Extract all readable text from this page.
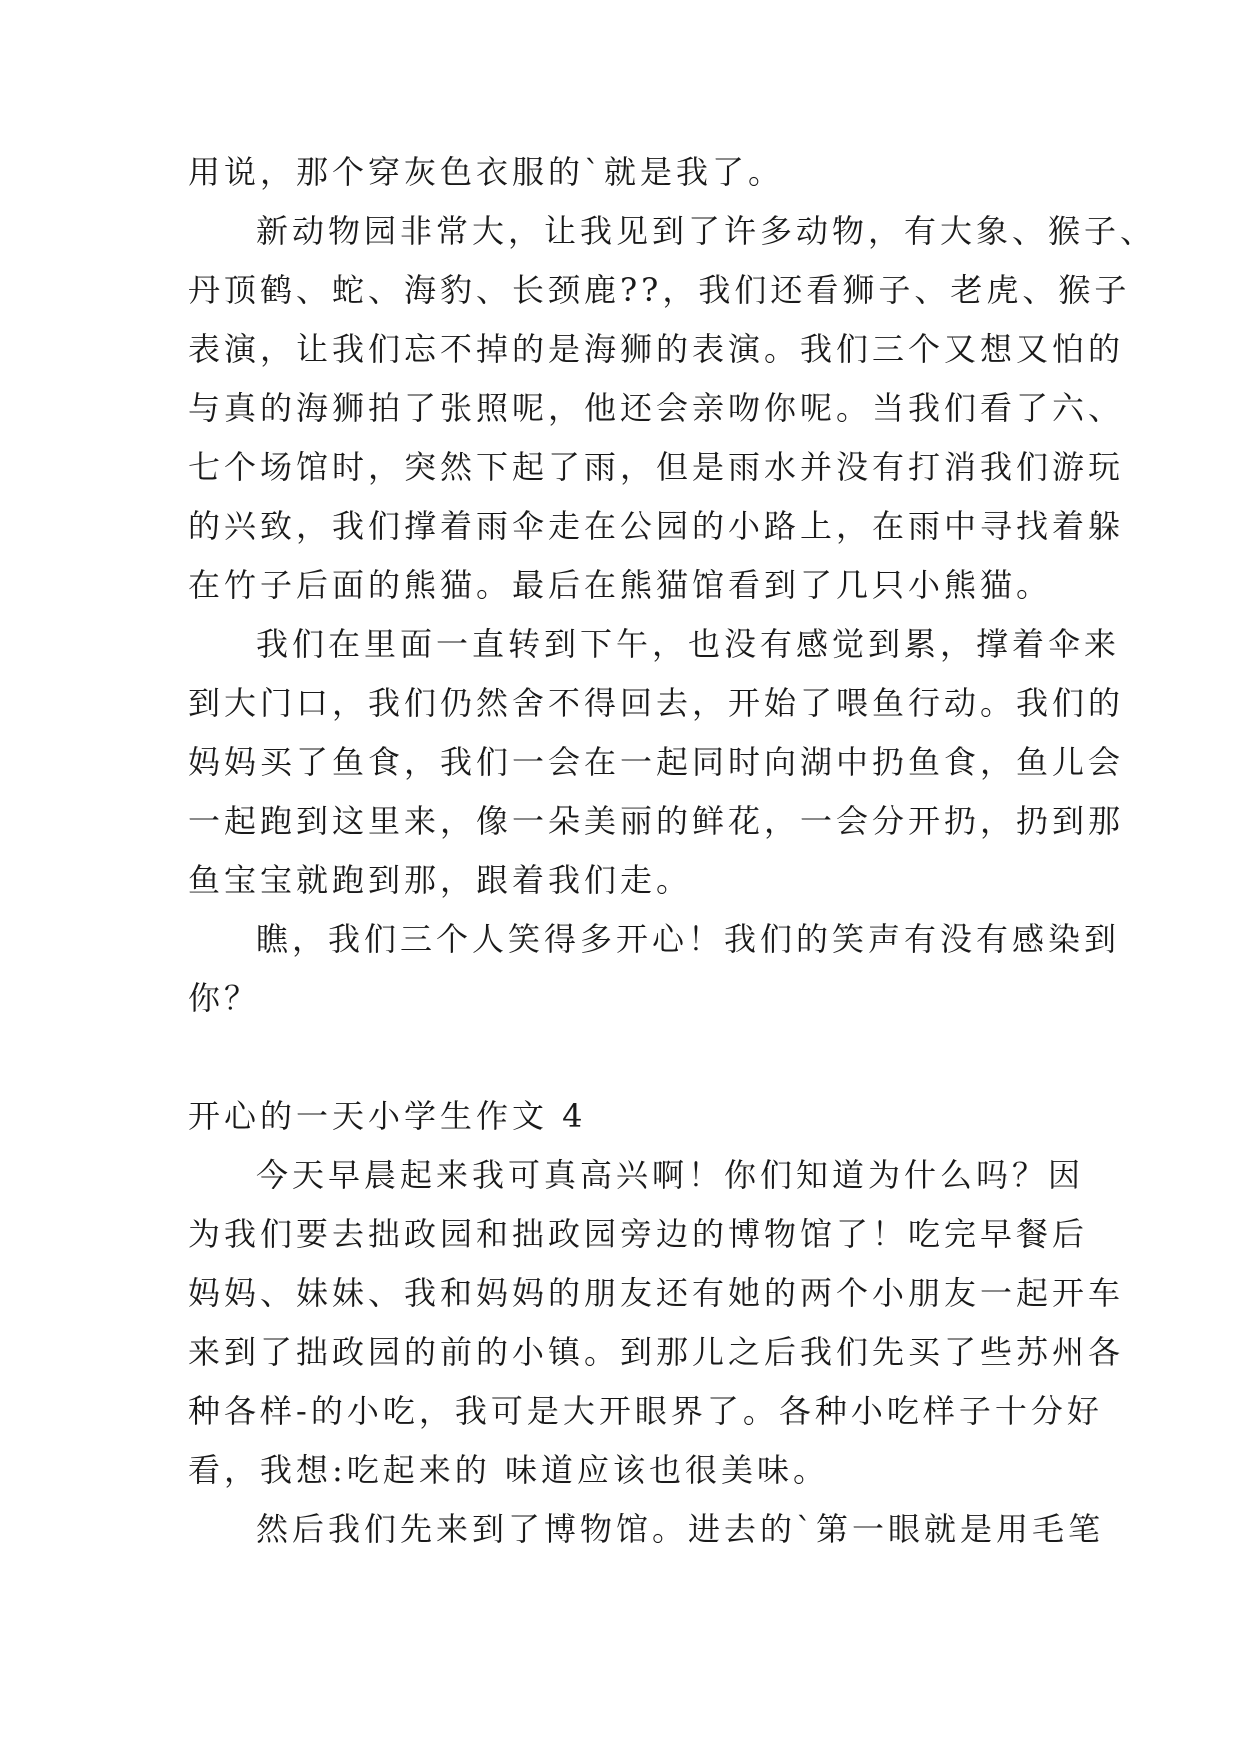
用说，那个穿灰色衣服的`就是我了。
新动物园非常大，让我见到了许多动物，有大象、猴子、
丹顶鹤、蛇、海豹、长颈鹿??，我们还看狮子、老虎、猴子
表演，让我们忘不掉的是海狮的表演。我们三个又想又怕的
与真的海狮拍了张照呢，他还会亲吻你呢。当我们看了六、
七个场馆时，突然下起了雨，但是雨水并没有打消我们游玩
的兴致，我们撑着雨伞走在公园的小路上，在雨中寻找着躲
在竹子后面的熊猫。最后在熊猫馆看到了几只小熊猫。
我们在里面一直转到下午，也没有感觉到累，撑着伞来
到大门口，我们仍然舍不得回去，开始了喂鱼行动。我们的
妈妈买了鱼食，我们一会在一起同时向湖中扔鱼食，鱼儿会
一起跑到这里来，像一朵美丽的鲜花，一会分开扔，扔到那
鱼宝宝就跑到那，跟着我们走。
瞧，我们三个人笑得多开心！我们的笑声有没有感染到
你？
开心的一天小学生作文 4
今天早晨起来我可真高兴啊！你们知道为什么吗？因
为我们要去拙政园和拙政园旁边的博物馆了！吃完早餐后
妈妈、妹妹、我和妈妈的朋友还有她的两个小朋友一起开车
来到了拙政园的前的小镇。到那儿之后我们先买了些苏州各
种各样-的小吃，我可是大开眼界了。各种小吃样子十分好
看，我想:吃起来的 味道应该也很美味。
然后我们先来到了博物馆。进去的`第一眼就是用毛笔
